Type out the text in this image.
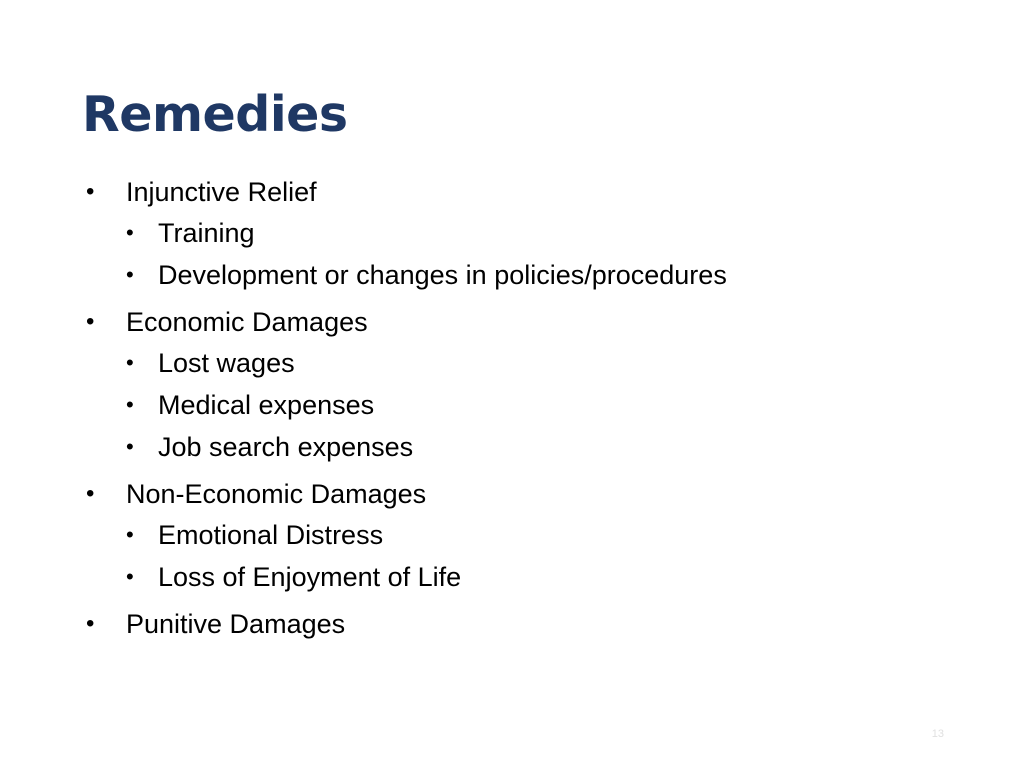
Remedies
•	Injunctive Relief
• Training
• Development or changes in policies/procedures
•	Economic Damages
• Lost wages
• Medical expenses
• Job search expenses
•	Non-Economic Damages
• Emotional Distress
• Loss of Enjoyment of Life
•	Punitive Damages
13
